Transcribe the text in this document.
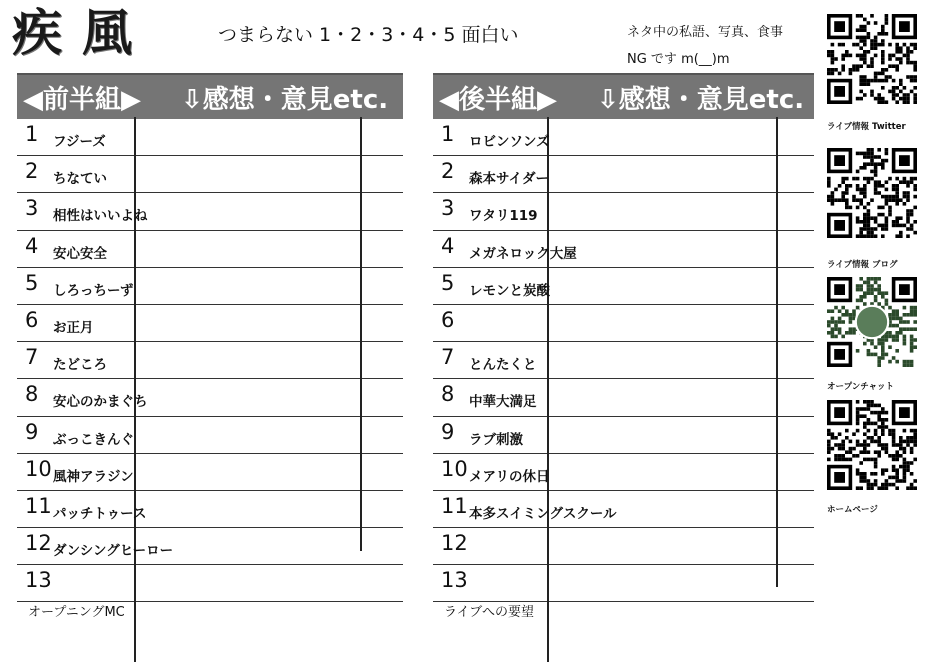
疾風	つまらない 1・2・3・4・5 面白い	ネタ中の私語、写真、食事
NG です m(__)m
◀前半組▶ ⇩感想・意見etc.
1 フジーズ
2 ちなてい
3 相性はいいよね
4 安心安全
5 しろっちーず
6 お正月
7 たどころ
8 安心のかまぐち
9 ぶっこきんぐ
10 風神アラジン
11 パッチトゥース
12 ダンシングヒーロー
13
オープニングMC
◀後半組▶ ⇩感想・意見etc.
1 ロビンソンズ
2 森本サイダー
3 ワタリ119
4 メガネロック大屋
5 レモンと炭酸
6
7 とんたくと
8 中華大満足
9 ラブ刺激
10 メアリの休日
11 本多スイミングスクール
12
13
ライブへの要望
ライブ情報 Twitter
ライブ情報 ブログ
オープンチャット
ホームページ
